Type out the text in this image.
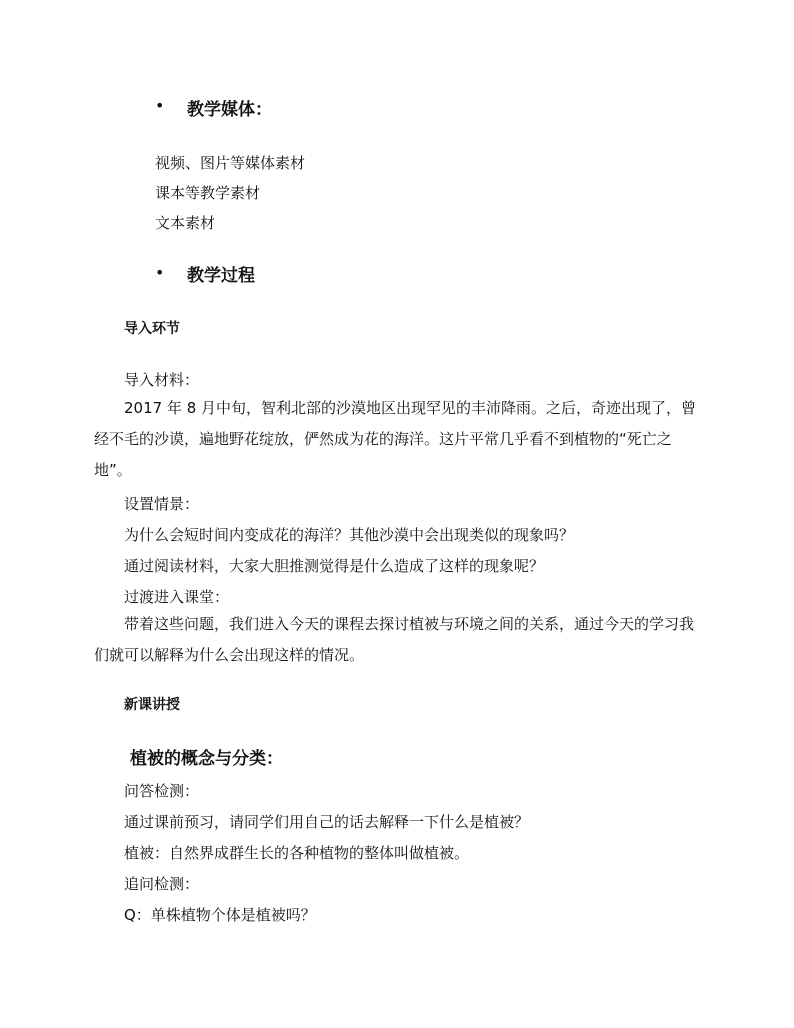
• 教学媒体：
视频、图片等媒体素材
课本等教学素材
文本素材
• 教学过程
导入环节
导入材料：
2017 年 8 月中旬，智利北部的沙漠地区出现罕见的丰沛降雨。之后，奇迹出现了，曾经不毛的沙谟，遍地野花绽放，俨然成为花的海洋。这片平常几乎看不到植物的“死亡之地”。
设置情景：
为什么会短时间内变成花的海洋？其他沙漠中会出现类似的现象吗？
通过阅读材料，大家大胆推测觉得是什么造成了这样的现象呢？
过渡进入课堂：
带着这些问题，我们进入今天的课程去探讨植被与环境之间的关系，通过今天的学习我们就可以解释为什么会出现这样的情况。
新课讲授
植被的概念与分类：
问答检测：
通过课前预习，请同学们用自己的话去解释一下什么是植被？
植被：自然界成群生长的各种植物的整体叫做植被。
追问检测：
Q：单株植物个体是植被吗？
